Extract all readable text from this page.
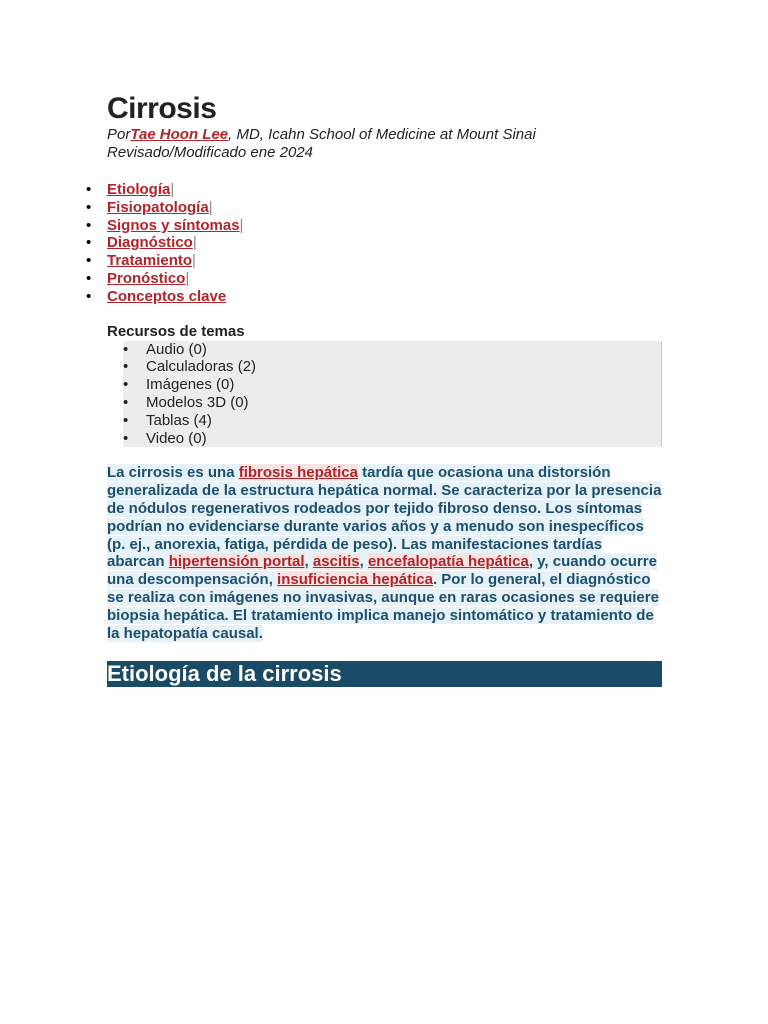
Cirrosis
PorTae Hoon Lee, MD, Icahn School of Medicine at Mount Sinai
Revisado/Modificado ene 2024
• Etiología|
• Fisiopatología|
• Signos y síntomas|
• Diagnóstico|
• Tratamiento|
• Pronóstico|
• Conceptos clave
Recursos de temas
• Audio (0)
• Calculadoras (2)
• Imágenes (0)
• Modelos 3D (0)
• Tablas (4)
• Video (0)
La cirrosis es una fibrosis hepática tardía que ocasiona una distorsión generalizada de la estructura hepática normal. Se caracteriza por la presencia de nódulos regenerativos rodeados por tejido fibroso denso. Los síntomas podrían no evidenciarse durante varios años y a menudo son inespecíficos (p. ej., anorexia, fatiga, pérdida de peso). Las manifestaciones tardías abarcan hipertensión portal, ascitis, encefalopatía hepática, y, cuando ocurre una descompensación, insuficiencia hepática. Por lo general, el diagnóstico se realiza con imágenes no invasivas, aunque en raras ocasiones se requiere biopsia hepática. El tratamiento implica manejo sintomático y tratamiento de la hepatopatía causal.
Etiología de la cirrosis
